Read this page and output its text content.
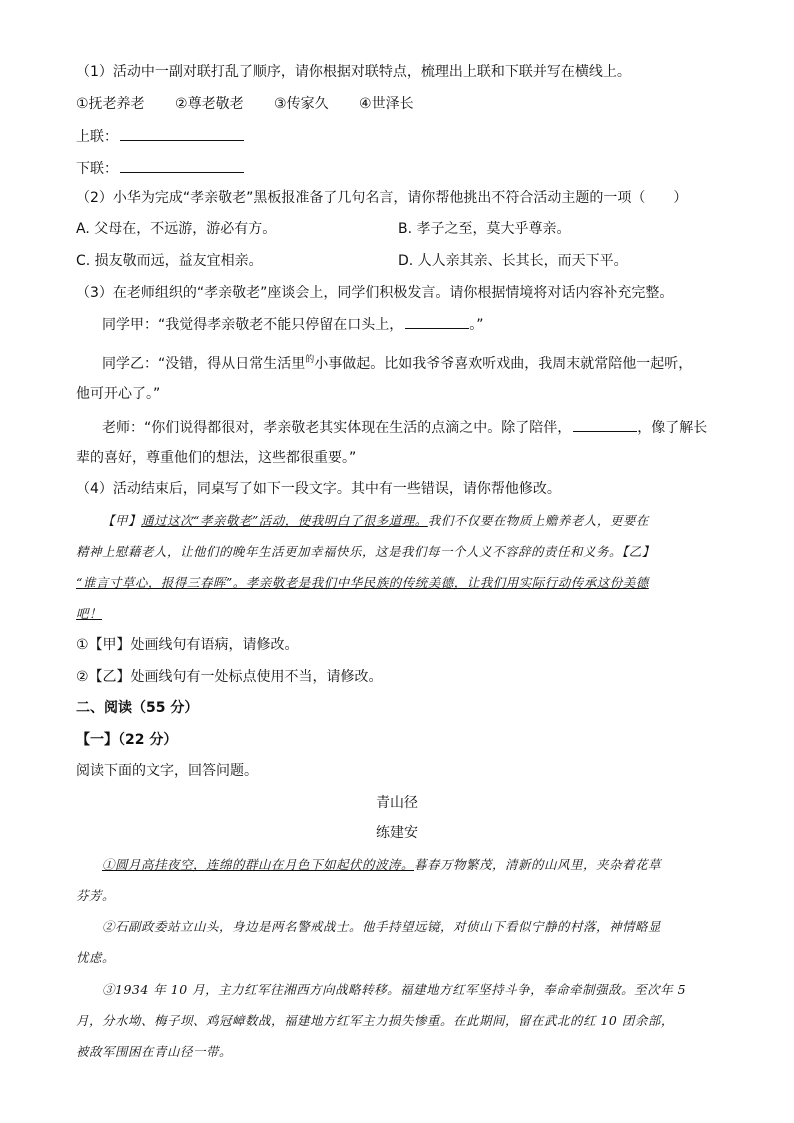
（1）活动中一副对联打乱了顺序，请你根据对联特点，梳理出上联和下联并写在横线上。
①抚老养老 ②尊老敬老 ③传家久 ④世泽长
上联：
下联：
（2）小华为完成“孝亲敬老”黑板报准备了几句名言，请你帮他挑出不符合活动主题的一项（　　）
A. 父母在，不远游，游必有方。	B. 孝子之至，莫大乎尊亲。
C. 损友敬而远，益友宜相亲。	D. 人人亲其亲、长其长，而天下平。
（3）在老师组织的“孝亲敬老”座谈会上，同学们积极发言。请你根据情境将对话内容补充完整。
同学甲：“我觉得孝亲敬老不能只停留在口头上，	。”
同学乙：“没错，得从日常生活里$^的$小事做起。比如我爷爷喜欢听戏曲，我周末就常陪他一起听，
他可开心了。”
老师：“你们说得都很对，孝亲敬老其实体现在生活的点滴之中。除了陪伴，	，像了解长
辈的喜好，尊重他们的想法，这些都很重要。”
（4）活动结束后，同桌写了如下一段文字。其中有一些错误，请你帮他修改。
【甲】通过这次“孝亲敬老”活动，使我明白了很多道理。我们不仅要在物质上赡养老人，更要在
精神上慰藉老人，让他们的晚年生活更加幸福快乐，这是我们每一个人义不容辞的责任和义务。【乙】
“谁言寸草心，报得三春晖”。孝亲敬老是我们中华民族的传统美德，让我们用实际行动传承这份美德
吧！
①【甲】处画线句有语病，请修改。
②【乙】处画线句有一处标点使用不当，请修改。
二、阅读（55 分）
【一】（22 分）
阅读下面的文字，回答问题。
青山径
练建安
①圆月高挂夜空，连绵的群山在月色下如起伏的波涛。暮春万物繁茂，清新的山风里，夹杂着花草
芬芳。
②石副政委站立山头，身边是两名警戒战士。他手持望远镜，对侦山下看似宁静的村落，神情略显
忧虑。
③1934 年 10 月，主力红军往湘西方向战略转移。福建地方红军坚持斗争，奉命牵制强敌。至次年 5
月，分水坳、梅子坝、鸡冠嶂数战，福建地方红军主力损失惨重。在此期间，留在武北的红 10 团余部，
被敌军围困在青山径一带。
